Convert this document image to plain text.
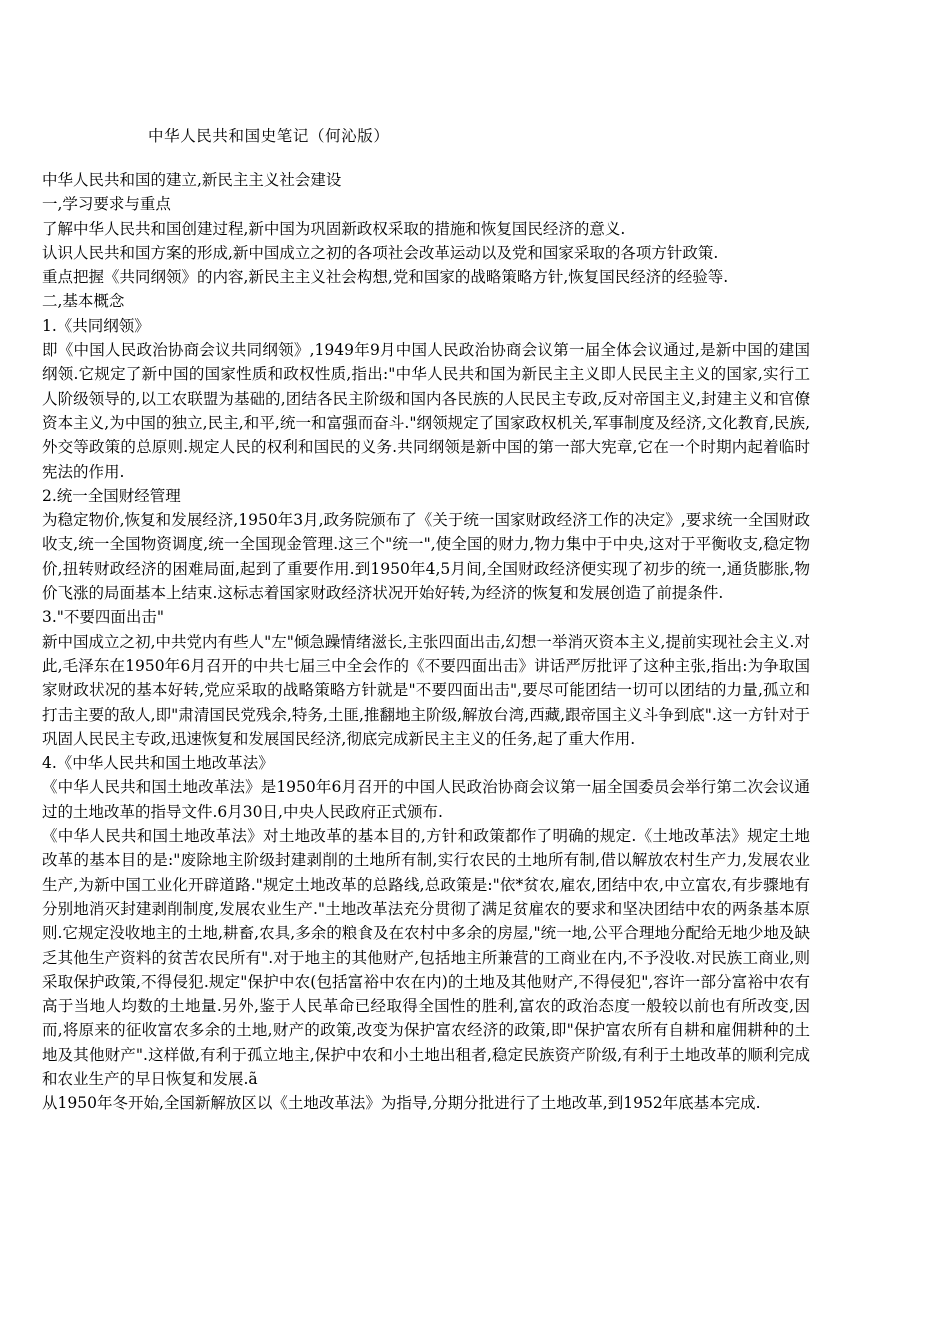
中华人民共和国史笔记（何沁版）

中华人民共和国的建立,新民主主义社会建设

一,学习要求与重点

了解中华人民共和国创建过程,新中国为巩固新政权采取的措施和恢复国民经济的意义.

认识人民共和国方案的形成,新中国成立之初的各项社会改革运动以及党和国家采取的各项方针政策.

重点把握《共同纲领》的内容,新民主主义社会构想,党和国家的战略策略方针,恢复国民经济的经验等.

二,基本概念

1.《共同纲领》

即《中国人民政治协商会议共同纲领》,1949年9月中国人民政治协商会议第一届全体会议通过,是新中国的建国纲领.它规定了新中国的国家性质和政权性质,指出:"中华人民共和国为新民主主义即人民民主主义的国家,实行工人阶级领导的,以工农联盟为基础的,团结各民主阶级和国内各民族的人民民主专政,反对帝国主义,封建主义和官僚资本主义,为中国的独立,民主,和平,统一和富强而奋斗."纲领规定了国家政权机关,军事制度及经济,文化教育,民族,外交等政策的总原则.规定人民的权利和国民的义务.共同纲领是新中国的第一部大宪章,它在一个时期内起着临时宪法的作用.

2.统一全国财经管理

为稳定物价,恢复和发展经济,1950年3月,政务院颁布了《关于统一国家财政经济工作的决定》,要求统一全国财政收支,统一全国物资调度,统一全国现金管理.这三个"统一",使全国的财力,物力集中于中央,这对于平衡收支,稳定物价,扭转财政经济的困难局面,起到了重要作用.到1950年4,5月间,全国财政经济便实现了初步的统一,通货膨胀,物价飞涨的局面基本上结束.这标志着国家财政经济状况开始好转,为经济的恢复和发展创造了前提条件.

3."不要四面出击"

新中国成立之初,中共党内有些人"左"倾急躁情绪滋长,主张四面出击,幻想一举消灭资本主义,提前实现社会主义.对此,毛泽东在1950年6月召开的中共七届三中全会作的《不要四面出击》讲话严厉批评了这种主张,指出:为争取国家财政状况的基本好转,党应采取的战略策略方针就是"不要四面出击",要尽可能团结一切可以团结的力量,孤立和打击主要的敌人,即"肃清国民党残余,特务,土匪,推翻地主阶级,解放台湾,西藏,跟帝国主义斗争到底".这一方针对于巩固人民民主专政,迅速恢复和发展国民经济,彻底完成新民主主义的任务,起了重大作用.

4.《中华人民共和国土地改革法》

《中华人民共和国土地改革法》是1950年6月召开的中国人民政治协商会议第一届全国委员会举行第二次会议通过的土地改革的指导文件.6月30日,中央人民政府正式颁布.

《中华人民共和国土地改革法》对土地改革的基本目的,方针和政策都作了明确的规定.《土地改革法》规定土地改革的基本目的是:"废除地主阶级封建剥削的土地所有制,实行农民的土地所有制,借以解放农村生产力,发展农业生产,为新中国工业化开辟道路."规定土地改革的总路线,总政策是:"依*贫农,雇农,团结中农,中立富农,有步骤地有分别地消灭封建剥削制度,发展农业生产."土地改革法充分贯彻了满足贫雇农的要求和坚决团结中农的两条基本原则.它规定没收地主的土地,耕畜,农具,多余的粮食及在农村中多余的房屋,"统一地,公平合理地分配给无地少地及缺乏其他生产资料的贫苦农民所有".对于地主的其他财产,包括地主所兼营的工商业在内,不予没收.对民族工商业,则采取保护政策,不得侵犯.规定"保护中农(包括富裕中农在内)的土地及其他财产,不得侵犯",容许一部分富裕中农有高于当地人均数的土地量.另外,鉴于人民革命已经取得全国性的胜利,富农的政治态度一般较以前也有所改变,因而,将原来的征收富农多余的土地,财产的政策,改变为保护富农经济的政策,即"保护富农所有自耕和雇佣耕种的土地及其他财产".这样做,有利于孤立地主,保护中农和小土地出租者,稳定民族资产阶级,有利于土地改革的顺利完成和农业生产的早日恢复和发展.ã

从1950年冬开始,全国新解放区以《土地改革法》为指导,分期分批进行了土地改革,到1952年底基本完成.
